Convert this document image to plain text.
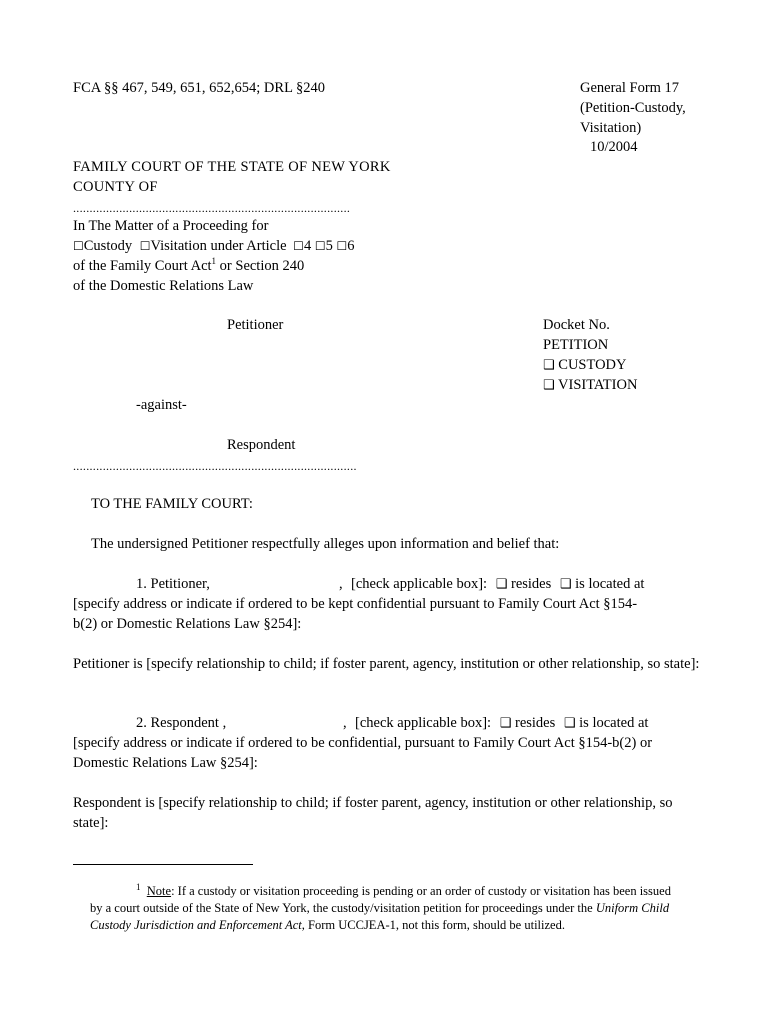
FCA §§ 467, 549, 651, 652,654; DRL §240	General Form 17
(Petition-Custody,
Visitation)
10/2004
FAMILY COURT OF THE STATE OF NEW YORK
COUNTY OF
....................................................................................
In The Matter of a Proceeding for
☐Custody ☐Visitation under Article ☐4 ☐5 ☐6
of the Family Court Act$^1$ or Section 240
of the Domestic Relations Law
Petitioner
-against-
Respondent
......................................................................................
Docket No.
PETITION
❑ CUSTODY
❑ VISITATION
TO THE FAMILY COURT:
The undersigned Petitioner respectfully alleges upon information and belief that:
1. Petitioner,	, [check applicable box]: ❑ resides ❑ is located at
[specify address or indicate if ordered to be kept confidential pursuant to Family Court Act §154-
b(2) or Domestic Relations Law §254]:
Petitioner is [specify relationship to child; if foster parent, agency, institution or other relationship, so state]:
2. Respondent ,	, [check applicable box]: ❑ resides ❑ is located at
[specify address or indicate if ordered to be confidential, pursuant to Family Court Act §154-b(2) or
Domestic Relations Law §254]:
Respondent is [specify relationship to child; if foster parent, agency, institution or other relationship, so state]:
$^1$ Note: If a custody or visitation proceeding is pending or an order of custody or visitation has been issued by a court outside of the State of New York, the custody/visitation petition for proceedings under the Uniform Child Custody Jurisdiction and Enforcement Act, Form UCCJEA-1, not this form, should be utilized.
